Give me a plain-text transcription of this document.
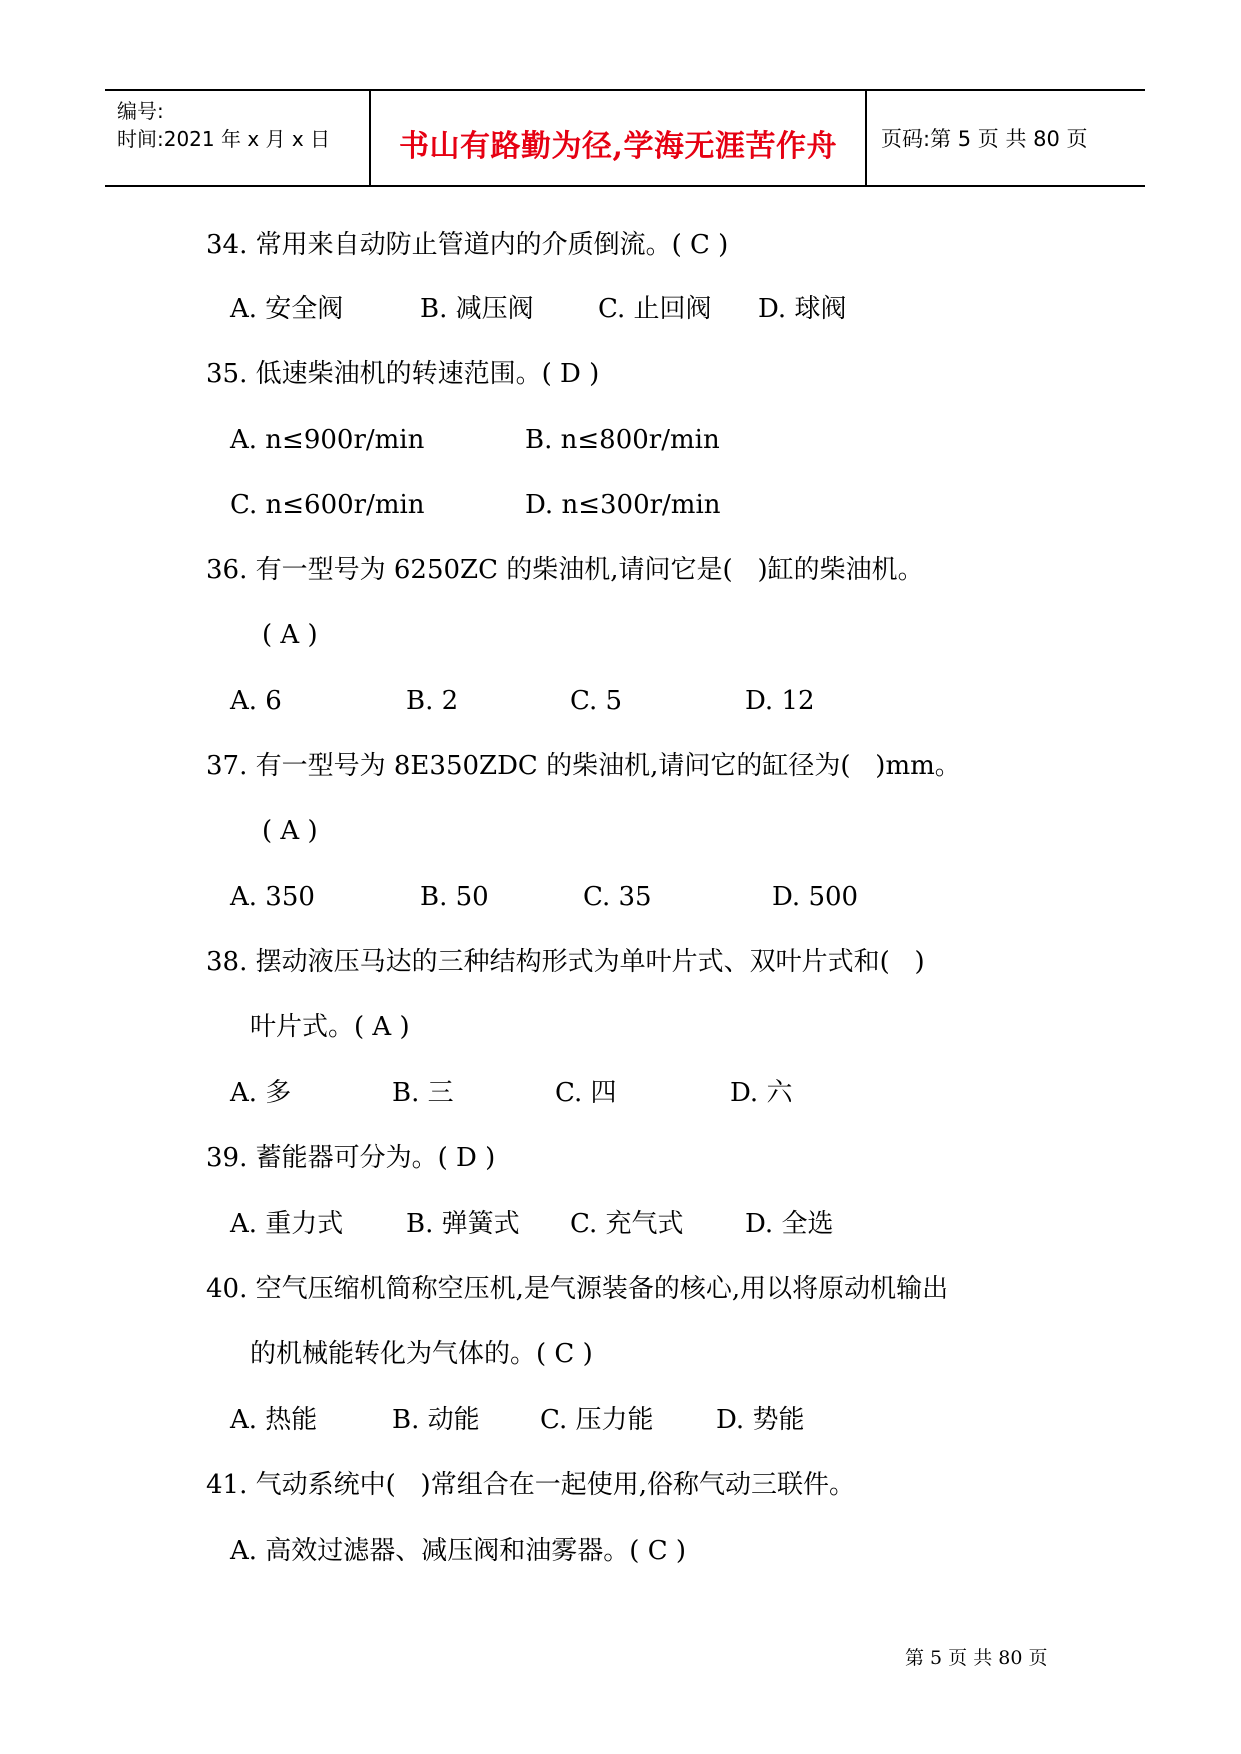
编号:
时间:2021 年 x 月 x 日	书山有路勤为径,学海无涯苦作舟	页码:第 5 页 共 80 页
34. 常用来自动防止管道内的介质倒流。( C )
A. 安全阀	B. 减压阀 C. 止回阀 D. 球阀
35. 低速柴油机的转速范围。( D )
A. n≤900r/min	B. n≤800r/min
C. n≤600r/min	D. n≤300r/min
36. 有一型号为 6250ZC 的柴油机,请问它是(   )缸的柴油机。
( A )
A. 6	B. 2	C. 5	D. 12
37. 有一型号为 8E350ZDC 的柴油机,请问它的缸径为(   )mm。
( A )
A. 350	B. 50	C. 35	D. 500
38. 摆动液压马达的三种结构形式为单叶片式、双叶片式和(   )
叶片式。( A )
A. 多	B. 三	C. 四	D. 六
39. 蓄能器可分为。( D )
A. 重力式 B. 弹簧式 C. 充气式 D. 全选
40. 空气压缩机简称空压机,是气源装备的核心,用以将原动机输出
的机械能转化为气体的。( C )
A. 热能	B. 动能 C. 压力能 D. 势能
41. 气动系统中(   )常组合在一起使用,俗称气动三联件。
A. 高效过滤器、减压阀和油雾器。( C )
第 5 页 共 80 页
